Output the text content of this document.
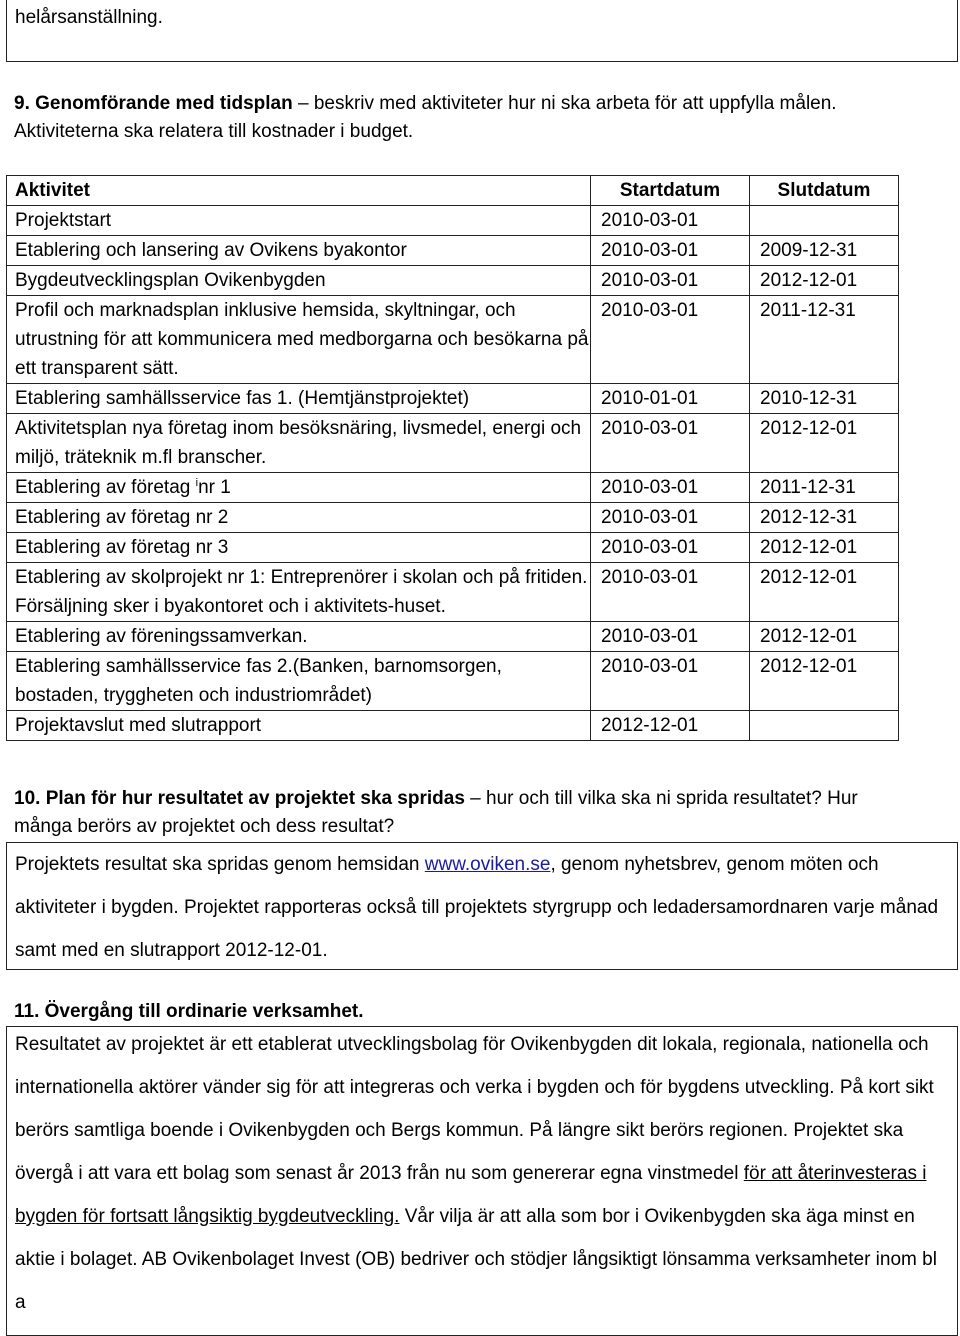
helårsanställning.
9. Genomförande med tidsplan – beskriv med aktiviteter hur ni ska arbeta för att uppfylla målen. Aktiviteterna ska relatera till kostnader i budget.
Aktivitet	Startdatum	Slutdatum
Projektstart	2010-03-01	
Etablering och lansering av Ovikens byakontor	2010-03-01	2009-12-31
Bygdeutvecklingsplan Ovikenbygden	2010-03-01	2012-12-01
Profil och marknadsplan inklusive hemsida, skyltningar, och utrustning för att kommunicera med medborgarna och besökarna på ett transparent sätt.	2010-03-01	2011-12-31
Etablering samhällsservice fas 1. (Hemtjänstprojektet)	2010-01-01	2010-12-31
Aktivitetsplan nya företag inom besöksnäring, livsmedel, energi och miljö, träteknik m.fl branscher.	2010-03-01	2012-12-01
Etablering av företag $^i$nr 1	2010-03-01	2011-12-31
Etablering av företag nr 2	2010-03-01	2012-12-31
Etablering av företag nr 3	2010-03-01	2012-12-01
Etablering av skolprojekt nr 1: Entreprenörer i skolan och på fritiden. Försäljning sker i byakontoret och i aktivitets-huset.	2010-03-01	2012-12-01
Etablering av föreningssamverkan.	2010-03-01	2012-12-01
Etablering samhällsservice fas 2.(Banken, barnomsorgen, bostaden, tryggheten och industriområdet)	2010-03-01	2012-12-01
Projektavslut med slutrapport	2012-12-01	
10. Plan för hur resultatet av projektet ska spridas – hur och till vilka ska ni sprida resultatet? Hur många berörs av projektet och dess resultat?
Projektets resultat ska spridas genom hemsidan www.oviken.se, genom nyhetsbrev, genom möten och aktiviteter i bygden. Projektet rapporteras också till projektets styrgrupp och ledadersamordnaren varje månad samt med en slutrapport 2012-12-01.
11. Övergång till ordinarie verksamhet.
Resultatet av projektet är ett etablerat utvecklingsbolag för Ovikenbygden dit lokala, regionala, nationella och internationella aktörer vänder sig för att integreras och verka i bygden och för bygdens utveckling. På kort sikt berörs samtliga boende i Ovikenbygden och Bergs kommun. På längre sikt berörs regionen. Projektet ska övergå i att vara ett bolag som senast år 2013 från nu som genererar egna vinstmedel för att återinvesteras i bygden för fortsatt långsiktig bygdeutveckling. Vår vilja är att alla som bor i Ovikenbygden ska äga minst en aktie i bolaget. AB Ovikenbolaget Invest (OB) bedriver och stödjer långsiktigt lönsamma verksamheter inom bl a
